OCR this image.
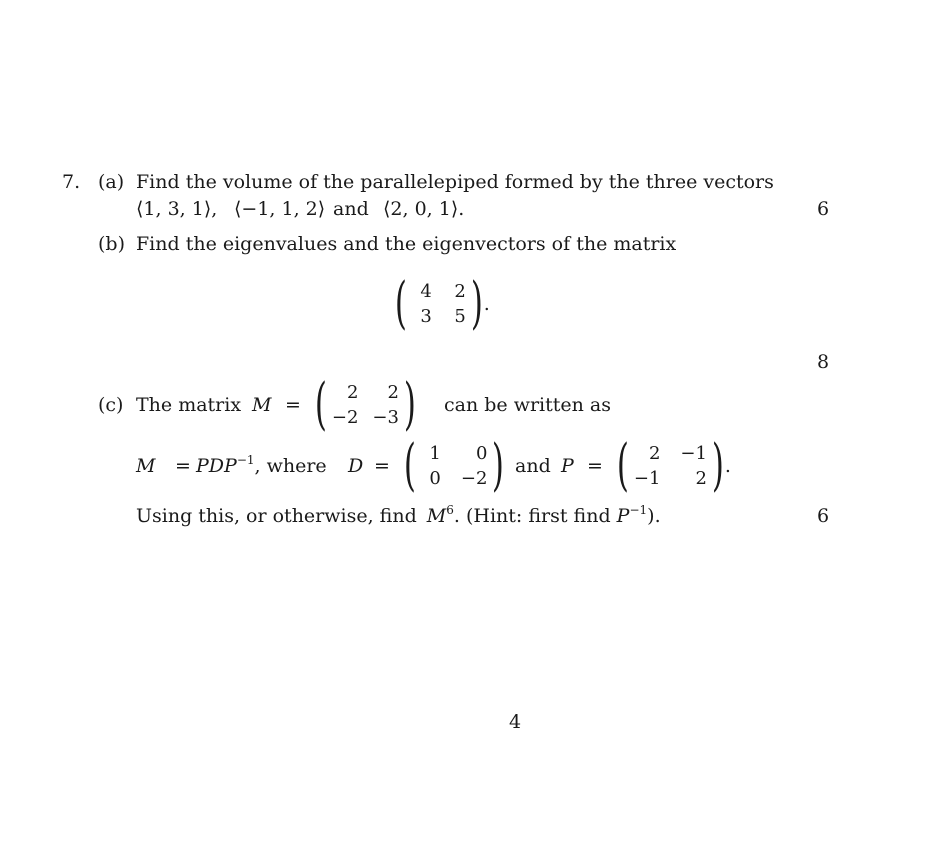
7. (a) Find the volume of the parallelepiped formed by the three vectors
⟨1, 3, 1⟩, ⟨−1, 1, 2⟩ and ⟨2, 0, 1⟩.	6
(b) Find the eigenvalues and the eigenvectors of the matrix
( 4	2
3	5 ) .
8
(c) The matrix M = (	2	2
−2 −3 ) can be written as
$M = PDP^{-1}$, where D = ( 1	0
0 −2 ) and P = (	2 −1
−1	2 ) .
Using this, or otherwise, find $M^6$. (Hint: first find $P^{-1}$).	6
4
